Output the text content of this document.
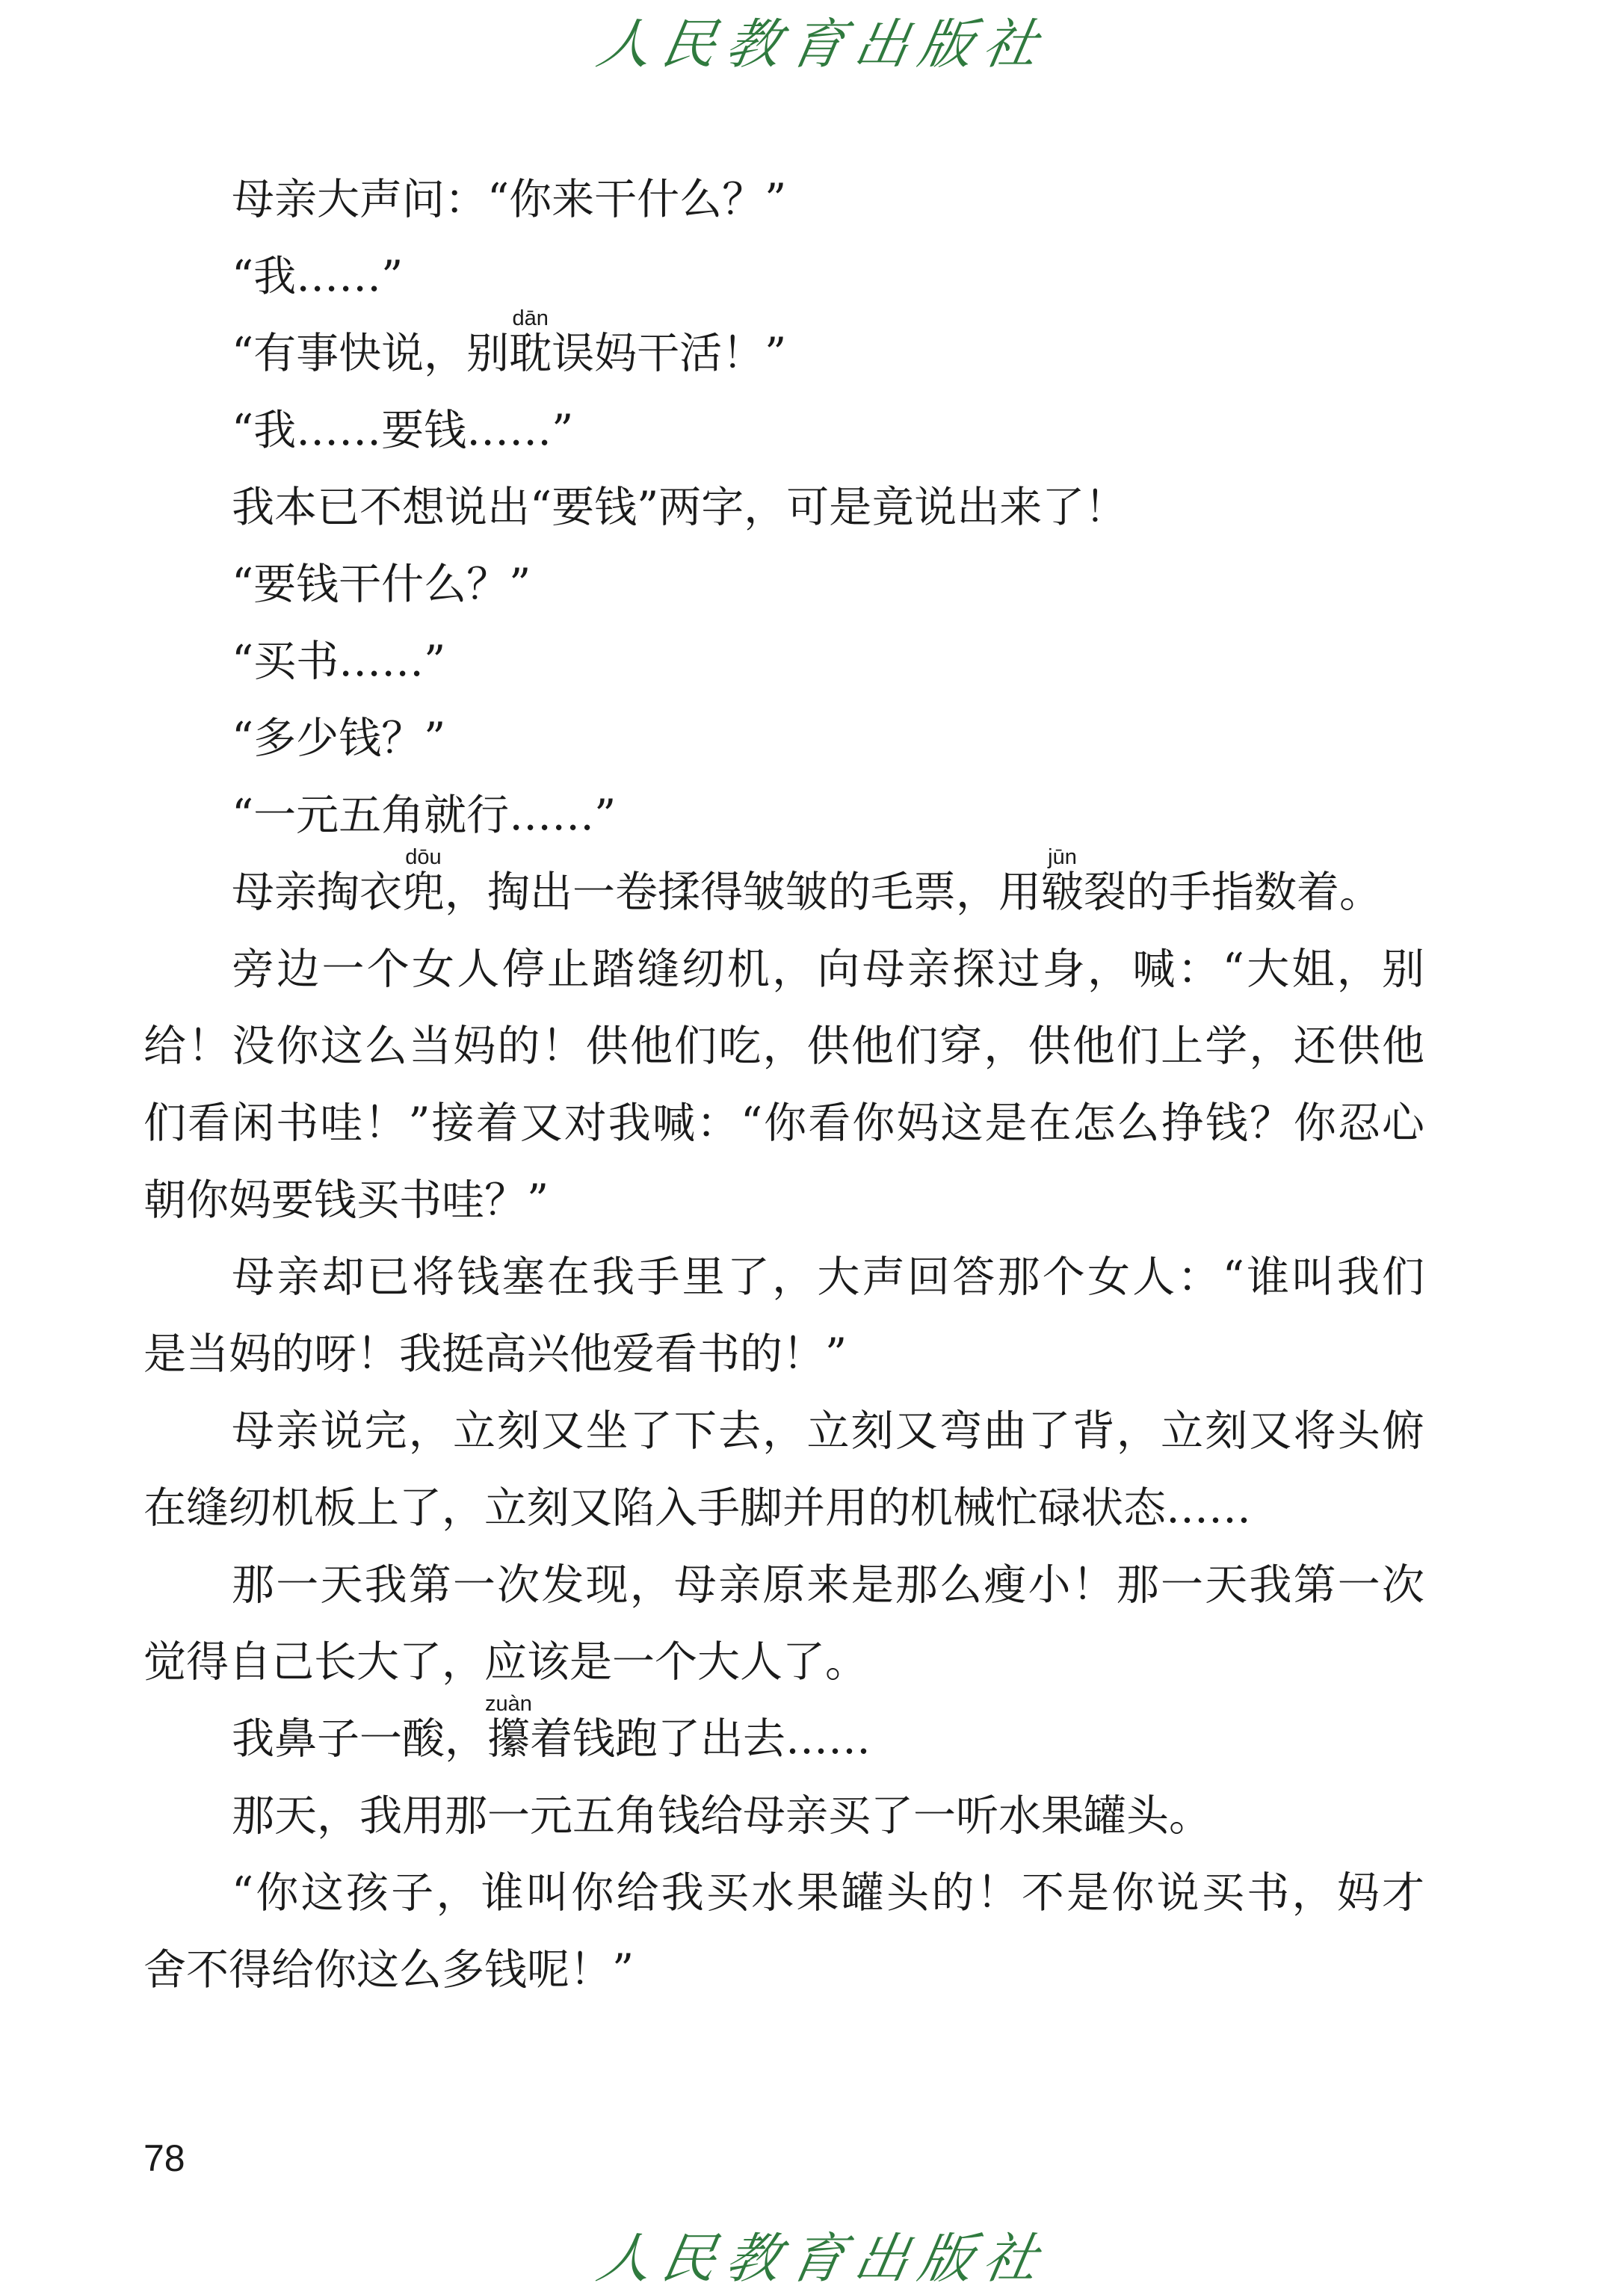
人民教育出版社
母亲大声问：“你来干什么？”
“我……”
“有事快说，别耽
dān
误妈干活！”
“我……要钱……”
我本已不想说出“要钱”两字，可是竟说出来了！
“要钱干什么？”
“买书……”
“多少钱？”
“一元五角就行……”
母亲掏衣兜
dōu
，掏出一卷揉得皱皱的毛票，用皲
jūn
裂的手指数着。
旁边一个女人停止踏缝纫机，向母亲探过身，喊：“大姐，别
给！没你这么当妈的！供他们吃，供他们穿，供他们上学，还供他
们看闲书哇！”接着又对我喊：“你看你妈这是在怎么挣钱？你忍心
朝你妈要钱买书哇？”
母亲却已将钱塞在我手里了，大声回答那个女人：“谁叫我们
是当妈的呀！我挺高兴他爱看书的！”
母亲说完，立刻又坐了下去，立刻又弯曲了背，立刻又将头俯
在缝纫机板上了，立刻又陷入手脚并用的机械忙碌状态……
那一天我第一次发现，母亲原来是那么瘦小！那一天我第一次
觉得自己长大了，应该是一个大人了。
我鼻子一酸，攥
zuàn
着钱跑了出去……
那天，我用那一元五角钱给母亲买了一听水果罐头。
“你这孩子，谁叫你给我买水果罐头的！不是你说买书，妈才
舍不得给你这么多钱呢！”
78
人民教育出版社
